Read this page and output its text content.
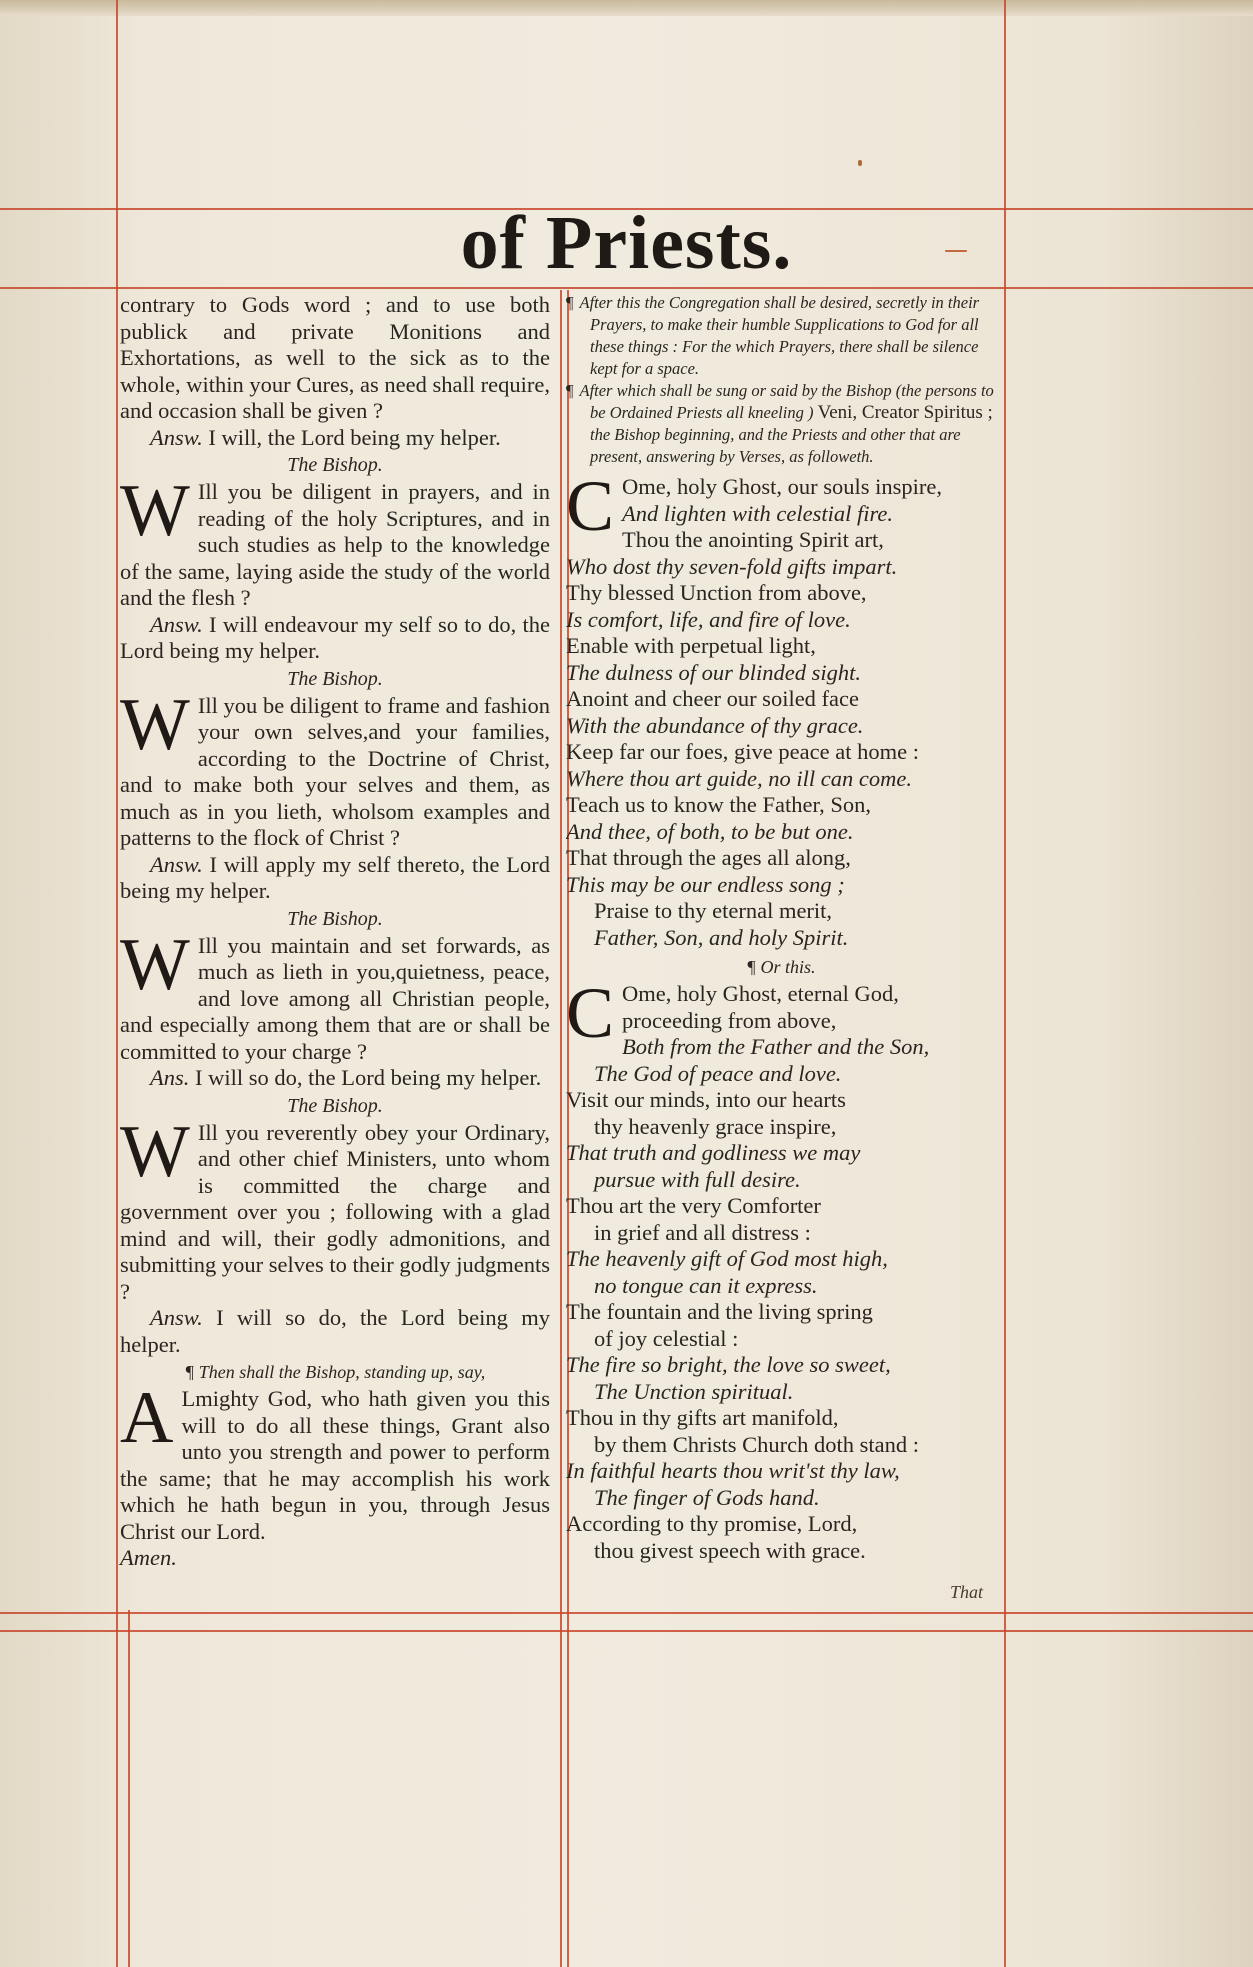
of Priests.

contrary to Gods word ; and to use both publick and private Monitions and Exhortations, as well to the sick as to the whole, within your Cures, as need shall require, and occasion shall be given ?

Answ. I will, the Lord being my helper.

The Bishop.
W Ill you be diligent in prayers, and in reading of the holy Scriptures, and in such studies as help to the knowledge of the same, laying aside the study of the world and the flesh ?

Answ. I will endeavour my self so to do, the Lord being my helper.

The Bishop.
W Ill you be diligent to frame and fashion your own selves,and your families, according to the Doctrine of Christ, and to make both your selves and them, as much as in you lieth, wholsom examples and patterns to the flock of Christ ?

Answ. I will apply my self thereto, the Lord being my helper.

The Bishop.
W Ill you maintain and set forwards, as much as lieth in you,quietness, peace, and love among all Christian people, and especially among them that are or shall be committed to your charge ?

Ans. I will so do, the Lord being my helper.

The Bishop.
W Ill you reverently obey your Ordinary, and other chief Ministers, unto whom is committed the charge and government over you ; following with a glad mind and will, their godly admonitions, and submitting your selves to their godly judgments ?

Answ. I will so do, the Lord being my helper.

¶ Then shall the Bishop, standing up, say,
A Lmighty God, who hath given you this will to do all these things, Grant also unto you strength and power to perform the same; that he may accomplish his work which he hath begun in you, through Jesus Christ our Lord.
Amen.

¶ After this the Congregation shall be desired, secretly in their Prayers, to make their humble Supplications to God for all these things : For the which Prayers, there shall be silence kept for a space.

¶ After which shall be sung or said by the Bishop (the persons to be Ordained Priests all kneeling ) Veni, Creator Spiritus ; the Bishop beginning, and the Priests and other that are present, answering by Verses, as followeth.

C Ome, holy Ghost, our souls inspire,
And lighten with celestial fire.
Thou the anointing Spirit art,
Who dost thy seven-fold gifts impart.
Thy blessed Unction from above,
Is comfort, life, and fire of love.
Enable with perpetual light,
The dulness of our blinded sight.
Anoint and cheer our soiled face
With the abundance of thy grace.
Keep far our foes, give peace at home :
Where thou art guide, no ill can come.
Teach us to know the Father, Son,
And thee, of both, to be but one.
That through the ages all along,
This may be our endless song ;
Praise to thy eternal merit,
Father, Son, and holy Spirit.
¶ Or this.
C Ome, holy Ghost, eternal God,
proceeding from above,
Both from the Father and the Son,
The God of peace and love.
Visit our minds, into our hearts
thy heavenly grace inspire,
That truth and godliness we may
pursue with full desire.
Thou art the very Comforter
in grief and all distress :
The heavenly gift of God most high,
no tongue can it express.
The fountain and the living spring
of joy celestial :
The fire so bright, the love so sweet,
The Unction spiritual.
Thou in thy gifts art manifold,
by them Christs Church doth stand :
In faithful hearts thou writ'st thy law,
The finger of Gods hand.
According to thy promise, Lord,
thou givest speech with grace.
That
